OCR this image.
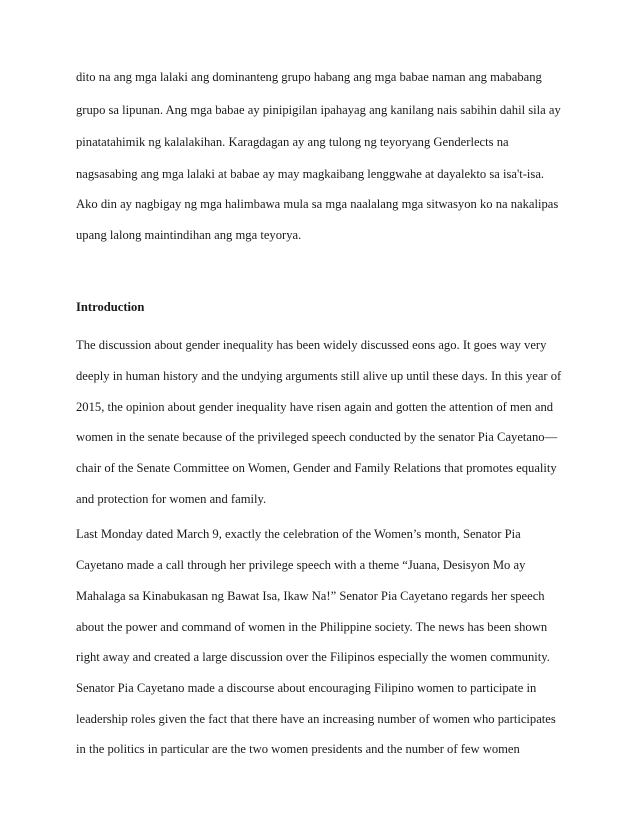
dito na ang mga lalaki ang dominanteng grupo habang ang mga babae naman ang mababang
grupo sa lipunan. Ang mga babae ay pinipigilan ipahayag ang kanilang nais sabihin dahil sila ay
pinatatahimik ng kalalakihan. Karagdagan ay ang tulong ng teyoryang Genderlects na
nagsasabing ang mga lalaki at babae ay may magkaibang lenggwahe at dayalekto sa isa't-isa.
Ako din ay nagbigay ng mga halimbawa mula sa mga naalalang mga sitwasyon ko na nakalipas
upang lalong maintindihan ang mga teyorya.
Introduction
The discussion about gender inequality has been widely discussed eons ago. It goes way very
deeply in human history and the undying arguments still alive up until these days. In this year of
2015, the opinion about gender inequality have risen again and gotten the attention of men and
women in the senate because of the privileged speech conducted by the senator Pia Cayetano—
chair of the Senate Committee on Women, Gender and Family Relations that promotes equality
and protection for women and family.
Last Monday dated March 9, exactly the celebration of the Women’s month, Senator Pia
Cayetano made a call through her privilege speech with a theme “Juana, Desisyon Mo ay
Mahalaga sa Kinabukasan ng Bawat Isa, Ikaw Na!” Senator Pia Cayetano regards her speech
about the power and command of women in the Philippine society. The news has been shown
right away and created a large discussion over the Filipinos especially the women community.
Senator Pia Cayetano made a discourse about encouraging Filipino women to participate in
leadership roles given the fact that there have an increasing number of women who participates
in the politics in particular are the two women presidents and the number of few women
